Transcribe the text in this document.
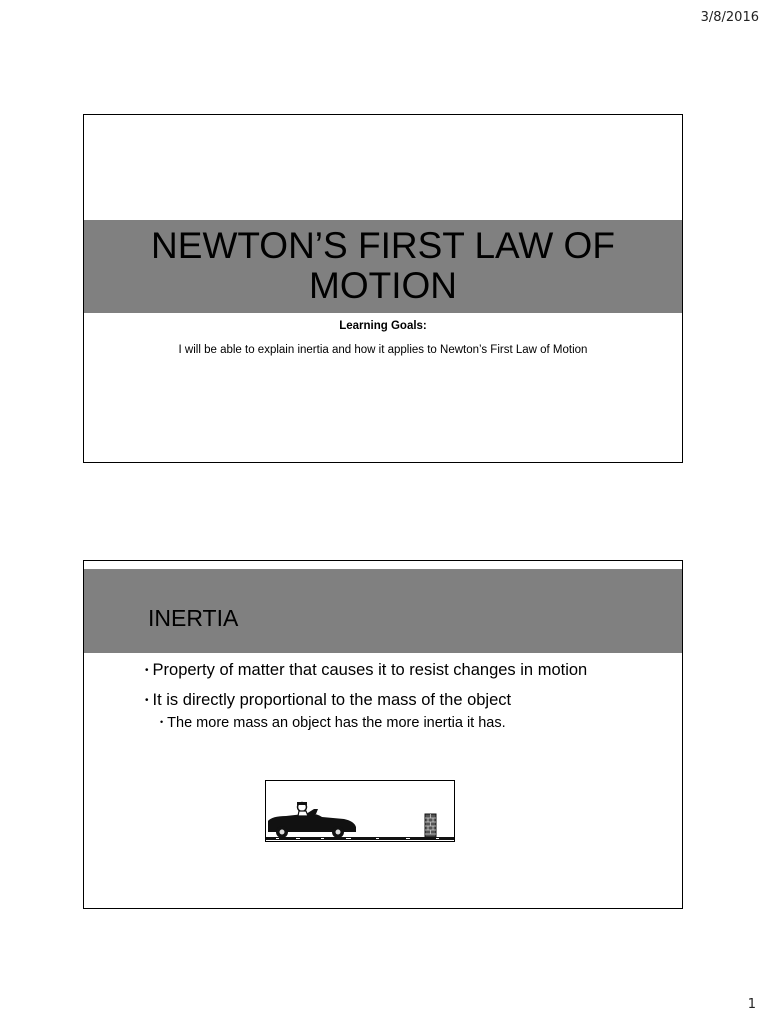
3/8/2016
NEWTON’S FIRST LAW OF
MOTION
Learning Goals:
I will be able to explain inertia and how it applies to Newton’s First Law of Motion
INERTIA
• Property of matter that causes it to resist changes in motion
• It is directly proportional to the mass of the object
• The more mass an object has the more inertia it has.
1
